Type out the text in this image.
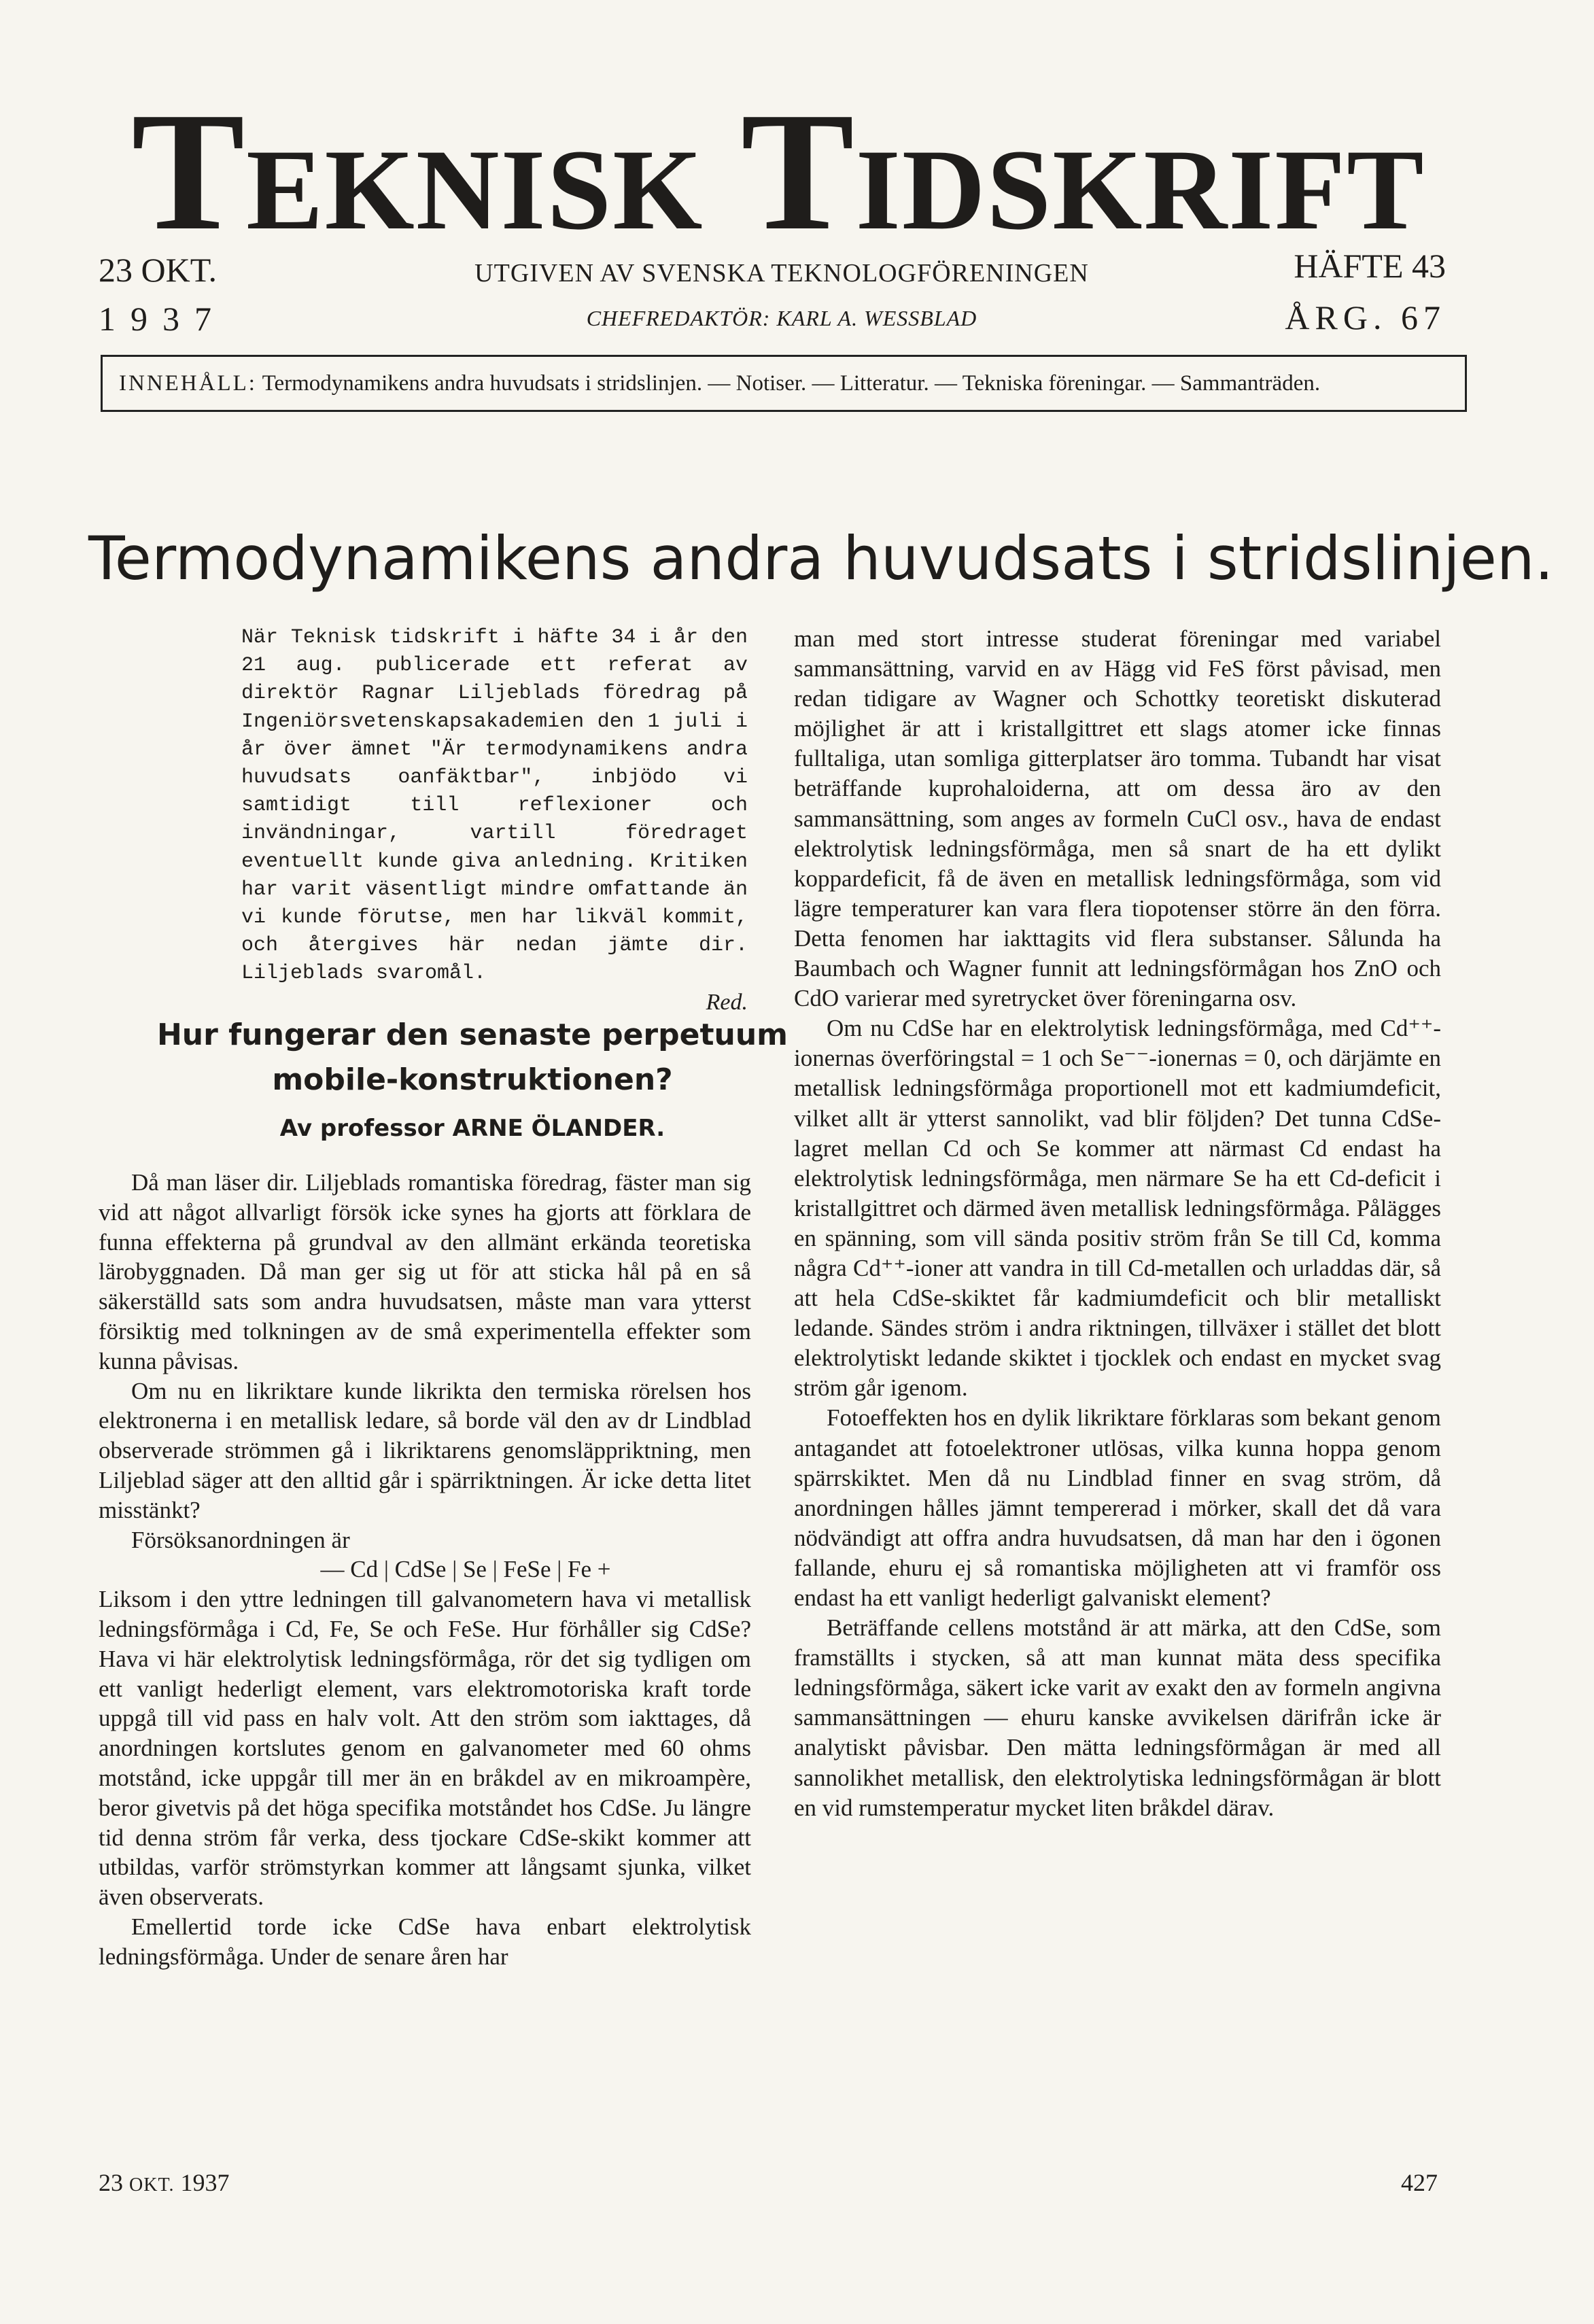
TEKNISK TIDSKRIFT
23 OKT.
1937
UTGIVEN AV SVENSKA TEKNOLOGFÖRENINGEN
CHEFREDAKTÖR: KARL A. WESSBLAD
HÄFTE 43
ÅRG. 67
INNEHÅLL: Termodynamikens andra huvudsats i stridslinjen. — Notiser. — Litteratur. — Tekniska föreningar. — Sammanträden.
Termodynamikens andra huvudsats i stridslinjen.
När Teknisk tidskrift i häfte 34 i år den 21 aug. publicerade ett referat av direktör Ragnar Liljeblads föredrag på Ingeniörsvetenskapsakademien den 1 juli i år över ämnet "Är termodynamikens andra huvudsats oanfäktbar", inbjödo vi samtidigt till reflexioner och invändningar, vartill föredraget eventuellt kunde giva anledning. Kritiken har varit väsentligt mindre omfattande än vi kunde förutse, men har likväl kommit, och återgives här nedan jämte dir. Liljeblads svaromål.
Red.
Hur fungerar den senaste perpetuum
mobile-konstruktionen?
Av professor ARNE ÖLANDER.

Då man läser dir. Liljeblads romantiska föredrag, fäster man sig vid att något allvarligt försök icke synes ha gjorts att förklara de funna effekterna på grundval av den allmänt erkända teoretiska lärobyggnaden. Då man ger sig ut för att sticka hål på en så säkerställd sats som andra huvudsatsen, måste man vara ytterst försiktig med tolkningen av de små experimentella effekter som kunna påvisas.

Om nu en likriktare kunde likrikta den termiska rörelsen hos elektronerna i en metallisk ledare, så borde väl den av dr Lindblad observerade strömmen gå i likriktarens genomsläppriktning, men Liljeblad säger att den alltid går i spärriktningen. Är icke detta litet misstänkt?

Försöksanordningen är

— Cd | CdSe | Se | FeSe | Fe +

Liksom i den yttre ledningen till galvanometern hava vi metallisk ledningsförmåga i Cd, Fe, Se och FeSe. Hur förhåller sig CdSe? Hava vi här elektrolytisk ledningsförmåga, rör det sig tydligen om ett vanligt hederligt element, vars elektromotoriska kraft torde uppgå till vid pass en halv volt. Att den ström som iakttages, då anordningen kortslutes genom en galvanometer med 60 ohms motstånd, icke uppgår till mer än en bråkdel av en mikroampère, beror givetvis på det höga specifika motståndet hos CdSe. Ju längre tid denna ström får verka, dess tjockare CdSe-skikt kommer att utbildas, varför strömstyrkan kommer att långsamt sjunka, vilket även observerats.

Emellertid torde icke CdSe hava enbart elektrolytisk ledningsförmåga. Under de senare åren har

man med stort intresse studerat föreningar med variabel sammansättning, varvid en av Hägg vid FeS först påvisad, men redan tidigare av Wagner och Schottky teoretiskt diskuterad möjlighet är att i kristallgittret ett slags atomer icke finnas fulltaliga, utan somliga gitterplatser äro tomma. Tubandt har visat beträffande kuprohaloiderna, att om dessa äro av den sammansättning, som anges av formeln CuCl osv., hava de endast elektrolytisk ledningsförmåga, men så snart de ha ett dylikt koppardeficit, få de även en metallisk ledningsförmåga, som vid lägre temperaturer kan vara flera tiopotenser större än den förra. Detta fenomen har iakttagits vid flera substanser. Sålunda ha Baumbach och Wagner funnit att ledningsförmågan hos ZnO och CdO varierar med syretrycket över föreningarna osv.

Om nu CdSe har en elektrolytisk ledningsförmåga, med Cd⁺⁺-ionernas överföringstal = 1 och Se⁻⁻-ionernas = 0, och därjämte en metallisk ledningsförmåga proportionell mot ett kadmiumdeficit, vilket allt är ytterst sannolikt, vad blir följden? Det tunna CdSe-lagret mellan Cd och Se kommer att närmast Cd endast ha elektrolytisk ledningsförmåga, men närmare Se ha ett Cd-deficit i kristallgittret och därmed även metallisk ledningsförmåga. Pålägges en spänning, som vill sända positiv ström från Se till Cd, komma några Cd⁺⁺-ioner att vandra in till Cd-metallen och urladdas där, så att hela CdSe-skiktet får kadmiumdeficit och blir metalliskt ledande. Sändes ström i andra riktningen, tillväxer i stället det blott elektrolytiskt ledande skiktet i tjocklek och endast en mycket svag ström går igenom.

Fotoeffekten hos en dylik likriktare förklaras som bekant genom antagandet att fotoelektroner utlösas, vilka kunna hoppa genom spärrskiktet. Men då nu Lindblad finner en svag ström, då anordningen hålles jämnt tempererad i mörker, skall det då vara nödvändigt att offra andra huvudsatsen, då man har den i ögonen fallande, ehuru ej så romantiska möjligheten att vi framför oss endast ha ett vanligt hederligt galvaniskt element?

Beträffande cellens motstånd är att märka, att den CdSe, som framställts i stycken, så att man kunnat mäta dess specifika ledningsförmåga, säkert icke varit av exakt den av formeln angivna sammansättningen — ehuru kanske avvikelsen därifrån icke är analytiskt påvisbar. Den mätta ledningsförmågan är med all sannolikhet metallisk, den elektrolytiska ledningsförmågan är blott en vid rumstemperatur mycket liten bråkdel därav.

23 OKT. 1937	427
